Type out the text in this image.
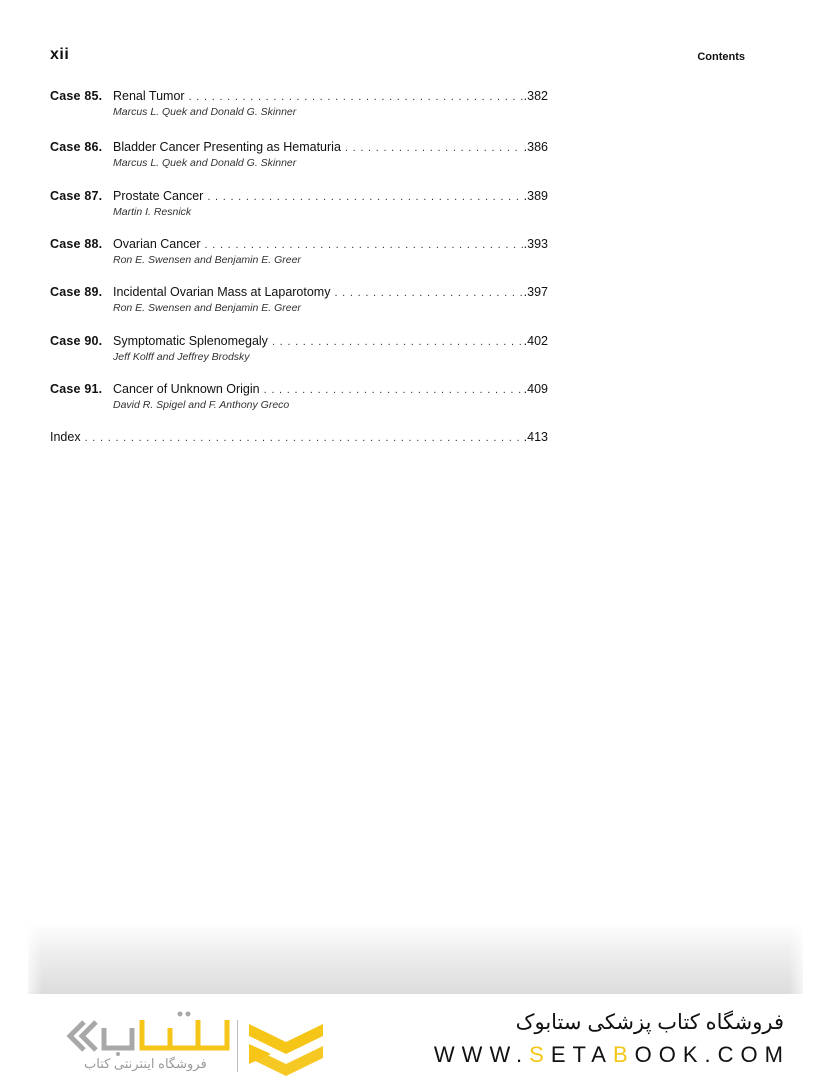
xii	Contents
Case 85. Renal Tumor . . .	.382
Marcus L. Quek and Donald G. Skinner
Case 86. Bladder Cancer Presenting as Hematuria . . .	.386
Marcus L. Quek and Donald G. Skinner
Case 87. Prostate Cancer . . .	.389
Martin I. Resnick
Case 88. Ovarian Cancer . . .	.393
Ron E. Swensen and Benjamin E. Greer
Case 89. Incidental Ovarian Mass at Laparotomy . . .	.397
Ron E. Swensen and Benjamin E. Greer
Case 90. Symptomatic Splenomegaly . . .	.402
Jeff Kolff and Jeffrey Brodsky
Case 91. Cancer of Unknown Origin . . .	.409
David R. Spigel and F. Anthony Greco
Index . . .	.413
فروشگاه اینترنتی کتاب
فروشگاه کتاب پزشکی ستابوک
WWW.SETABOOK.COM
